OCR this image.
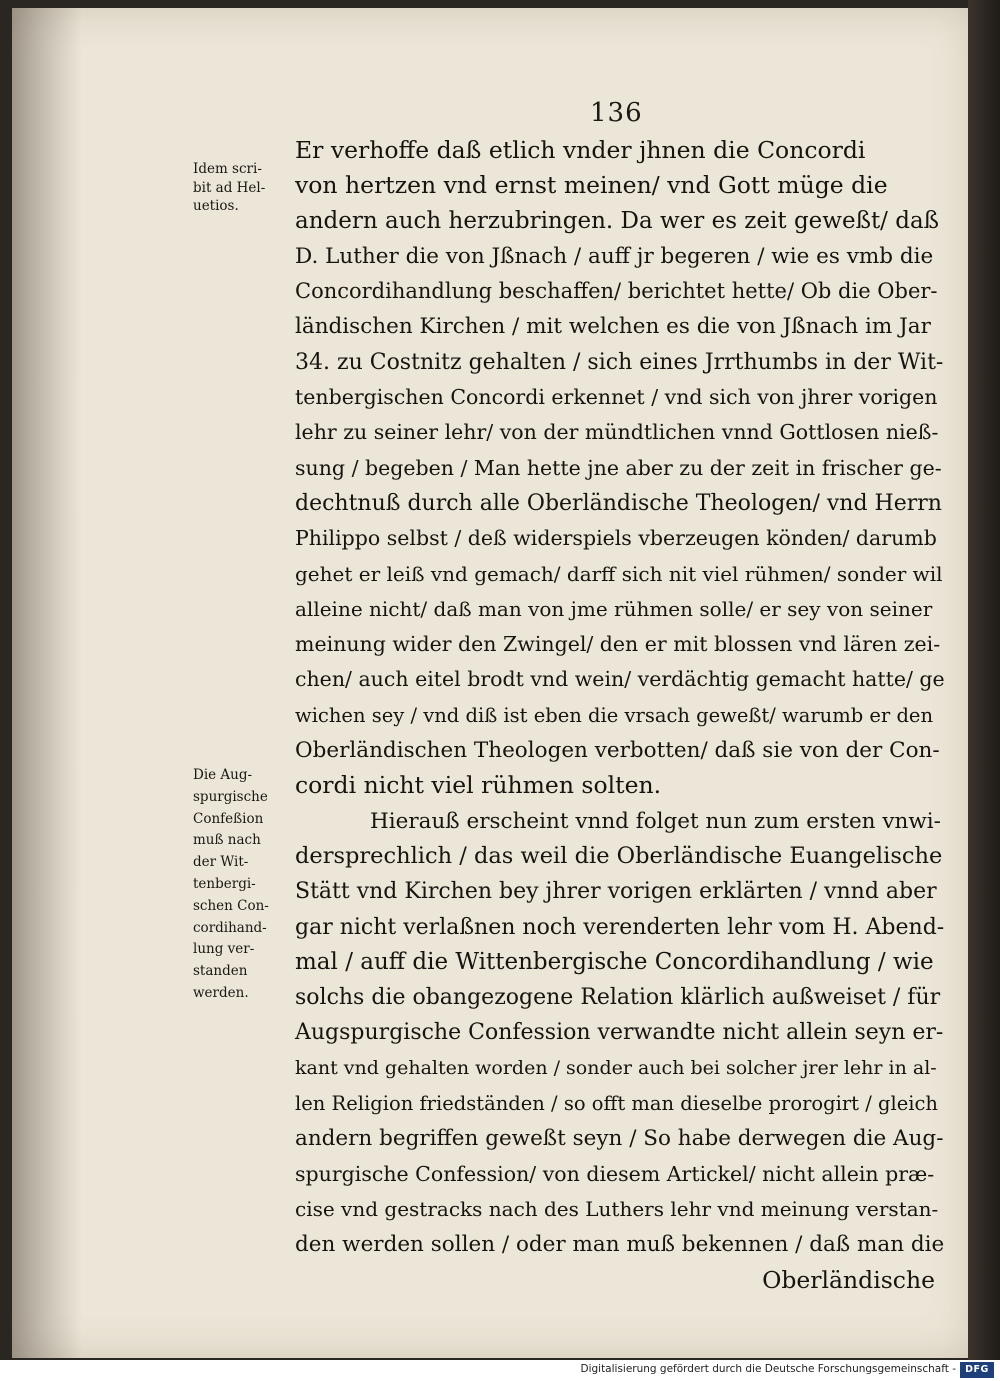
136
Idem scri-
bit ad Hel-
uetios.
Die Aug-
spurgische
Confeßion
muß nach
der Wit-
tenbergi-
schen Con-
cordihand-
lung ver-
standen
werden.
Er verhoffe daß etlich vnder jhnen die Concordi
von hertzen vnd ernst meinen/ vnd Gott müge die
andern auch herzubringen. Da wer es zeit geweßt/ daß
D. Luther die von Jßnach / auff jr begeren / wie es vmb die
Concordihandlung beschaffen/ berichtet hette/ Ob die Ober-
ländischen Kirchen / mit welchen es die von Jßnach im Jar
34. zu Costnitz gehalten / sich eines Jrrthumbs in der Wit-
tenbergischen Concordi erkennet / vnd sich von jhrer vorigen
lehr zu seiner lehr/ von der mündtlichen vnnd Gottlosen nieß-
sung / begeben / Man hette jne aber zu der zeit in frischer ge-
dechtnuß durch alle Oberländische Theologen/ vnd Herrn
Philippo selbst / deß widerspiels vberzeugen könden/ darumb
gehet er leiß vnd gemach/ darff sich nit viel rühmen/ sonder wil
alleine nicht/ daß man von jme rühmen solle/ er sey von seiner
meinung wider den Zwingel/ den er mit blossen vnd lären zei-
chen/ auch eitel brodt vnd wein/ verdächtig gemacht hatte/ ge
wichen sey / vnd diß ist eben die vrsach geweßt/ warumb er den
Oberländischen Theologen verbotten/ daß sie von der Con-
cordi nicht viel rühmen solten.
Hierauß erscheint vnnd folget nun zum ersten vnwi-
dersprechlich / das weil die Oberländische Euangelische
Stätt vnd Kirchen bey jhrer vorigen erklärten / vnnd aber
gar nicht verlaßnen noch verenderten lehr vom H. Abend-
mal / auff die Wittenbergische Concordihandlung / wie
solchs die obangezogene Relation klärlich außweiset / für
Augspurgische Confession verwandte nicht allein seyn er-
kant vnd gehalten worden / sonder auch bei solcher jrer lehr in al-
len Religion friedständen / so offt man dieselbe prorogirt / gleich
andern begriffen geweßt seyn / So habe derwegen die Aug-
spurgische Confession/ von diesem Artickel/ nicht allein præ-
cise vnd gestracks nach des Luthers lehr vnd meinung verstan-
den werden sollen / oder man muß bekennen / daß man die
Oberländische
Digitalisierung gefördert durch die Deutsche Forschungsgemeinschaft - DFG
